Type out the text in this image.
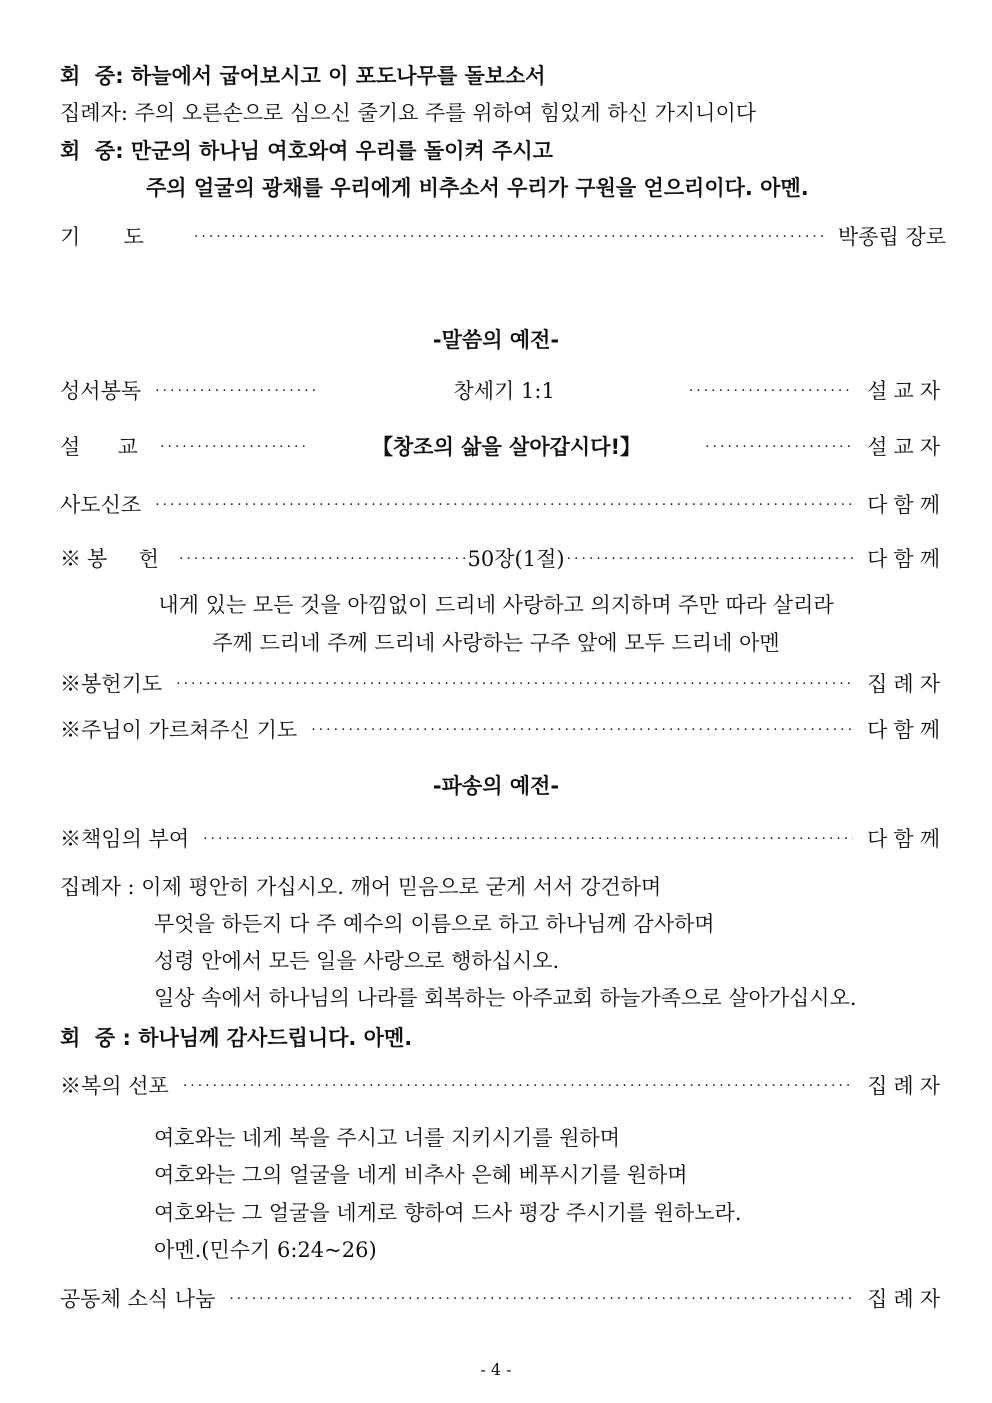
회  중: 하늘에서 굽어보시고 이 포도나무를 돌보소서
집례자: 주의 오른손으로 심으신 줄기요 주를 위하여 힘있게 하신 가지니이다
회  중: 만군의 하나님 여호와여 우리를 돌이켜 주시고
주의 얼굴의 광채를 우리에게 비추소서 우리가 구원을 얻으리이다. 아멘.
기  도 ·····	박종립 장로
-말씀의 예전-
성서봉독 ·····	창세기 1:1 ·····	설교자
설  교 ·····	【창조의 삶을 살아갑시다!】 ·····	설교자
사도신조 ·····	다함께
※봉  헌 ·····	50장(1절) ·····	다함께
내게 있는 모든 것을 아낌없이 드리네 사랑하고 의지하며 주만 따라 살리라
주께 드리네 주께 드리네 사랑하는 구주 앞에 모두 드리네 아멘
※봉헌기도 ·····	집례자
※주님이 가르쳐주신 기도 ·····	다함께
-파송의 예전-
※책임의 부여 ·····	다함께
집례자 : 이제 평안히 가십시오. 깨어 믿음으로 굳게 서서 강건하며
무엇을 하든지 다 주 예수의 이름으로 하고 하나님께 감사하며
성령 안에서 모든 일을 사랑으로 행하십시오.
일상 속에서 하나님의 나라를 회복하는 아주교회 하늘가족으로 살아가십시오.
회  중 : 하나님께 감사드립니다. 아멘.
※복의 선포 ·····	집례자
여호와는 네게 복을 주시고 너를 지키시기를 원하며
여호와는 그의 얼굴을 네게 비추사 은혜 베푸시기를 원하며
여호와는 그 얼굴을 네게로 향하여 드사 평강 주시기를 원하노라.
아멘.(민수기 6:24~26)
공동체 소식 나눔 ·····	집례자
- 4 -
